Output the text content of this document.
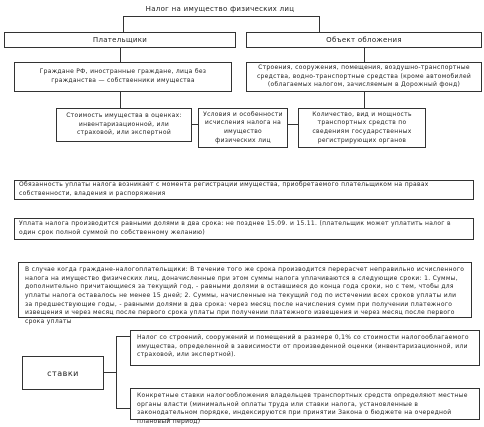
Налог на имущество физических лиц
Плательщики	Объект обложения
Граждане РФ, иностранные граждане, лица без гражданства — собственники имущества
Строения, сооружения, помещения, воздушно-транспортные средства, водно-транспортные средства (кроме автомобилей (облагаемых налогом, зачисляемым в Дорожный фонд)
Стоимость имущества в оценках: инвентаризационной, или страховой, или экспертной
Условия и особенности исчисления налога на имущество физических лиц
Количество, вид и мощность транспортных средств по сведениям государственных регистрирующих органов
Обязанность уплаты налога возникает с момента регистрации имущества, приобретаемого плательщиком на правах собственности, владения и распоряжения
Уплата налога производится равными долями в два срока: не позднее 15.09. и 15.11. (плательщик может уплатить налог в один срок полной суммой по собственному желанию)
В случае когда граждане-налогоплательщики: В течение того же срока производится перерасчет неправильно исчисленного налога на имущество физических лиц, доначисленные при этом суммы налога уплачиваются в следующие сроки: 1. Суммы, дополнительно причитающиеся за текущий год, - равными долями в оставшиеся до конца года сроки, но с тем, чтобы для уплаты налога оставалось не менее 15 дней; 2. Суммы, начисленные на текущий год по истечении всех сроков уплаты или за предшествующие годы, - равными долями в два срока: через месяц после начисления сумм при получении платежного извещения и через месяц после первого срока уплаты при получении платежного извещения и через месяц после первого срока уплаты
ставки
Налог со строений, сооружений и помещений в размере 0,1% со стоимости налогооблагаемого имущества, определенной в зависимости от произведенной оценки (инвентаризационной, или страховой, или экспертной).
Конкретные ставки налогообложения владельцев транспортных средств определяют местные органы власти (минимальной оплаты труда или ставки налога, установленные в законодательном порядке, индексируются при принятии Закона о бюджете на очередной плановый период)
